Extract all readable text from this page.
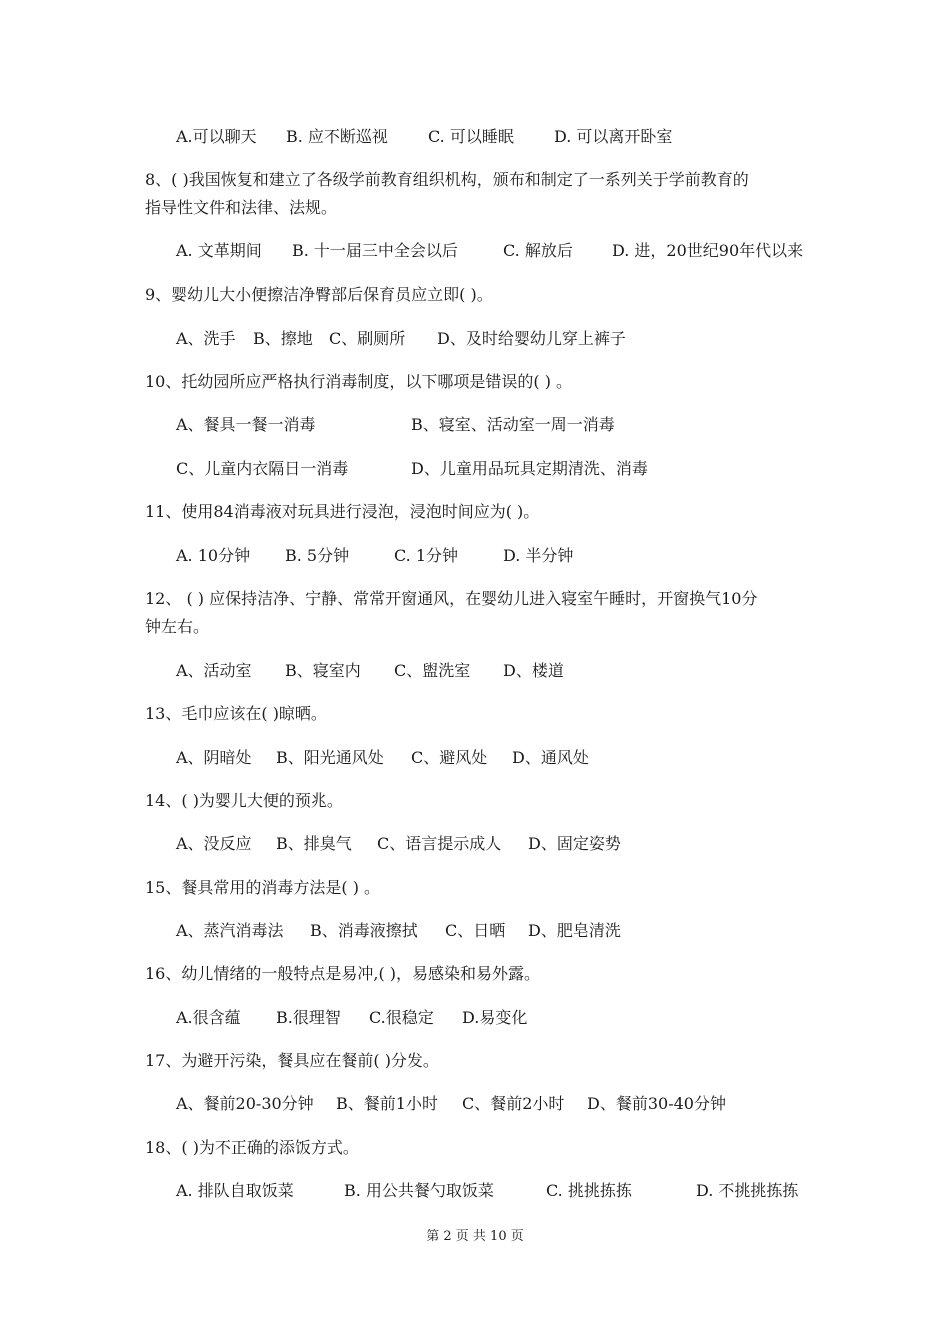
A.可以聊天 B. 应不断巡视	C. 可以睡眠	D. 可以离开卧室
8、( )我国恢复和建立了各级学前教育组织机构，颁布和制定了一系列关于学前教育的
指导性文件和法律、法规。
A. 文革期间 B. 十一届三中全会以后	C. 解放后 D. 进，20世纪90年代以来
9、婴幼儿大小便擦洁净臀部后保育员应立即( )。
A、洗手 B、擦地 C、刷厕所 D、及时给婴幼儿穿上裤子
10、托幼园所应严格执行消毒制度，以下哪项是错误的( ) 。
A、餐具一餐一消毒	B、寝室、活动室一周一消毒
C、儿童内衣隔日一消毒	D、儿童用品玩具定期清洗、消毒
11、使用84消毒液对玩具进行浸泡，浸泡时间应为( )。
A. 10分钟 B. 5分钟	C. 1分钟	D. 半分钟
12、 ( ) 应保持洁净、宁静、常常开窗通风，在婴幼儿进入寝室午睡时，开窗换气10分
钟左右。
A、活动室 B、寝室内 C、盥洗室 D、楼道
13、毛巾应该在( )晾晒。
A、阴暗处 B、阳光通风处 C、避风处 D、通风处
14、( )为婴儿大便的预兆。
A、没反应 B、排臭气 C、语言提示成人 D、固定姿势
15、餐具常用的消毒方法是( ) 。
A、蒸汽消毒法 B、消毒液擦拭 C、日晒 D、肥皂清洗
16、幼儿情绪的一般特点是易冲,( )，易感染和易外露。
A.很含蕴 B.很理智 C.很稳定 D.易变化
17、为避开污染，餐具应在餐前( )分发。
A、餐前20-30分钟 B、餐前1小时 C、餐前2小时 D、餐前30-40分钟
18、( )为不正确的添饭方式。
A. 排队自取饭菜	B. 用公共餐勺取饭菜	C. 挑挑拣拣	D. 不挑挑拣拣
第 2 页 共 10 页
